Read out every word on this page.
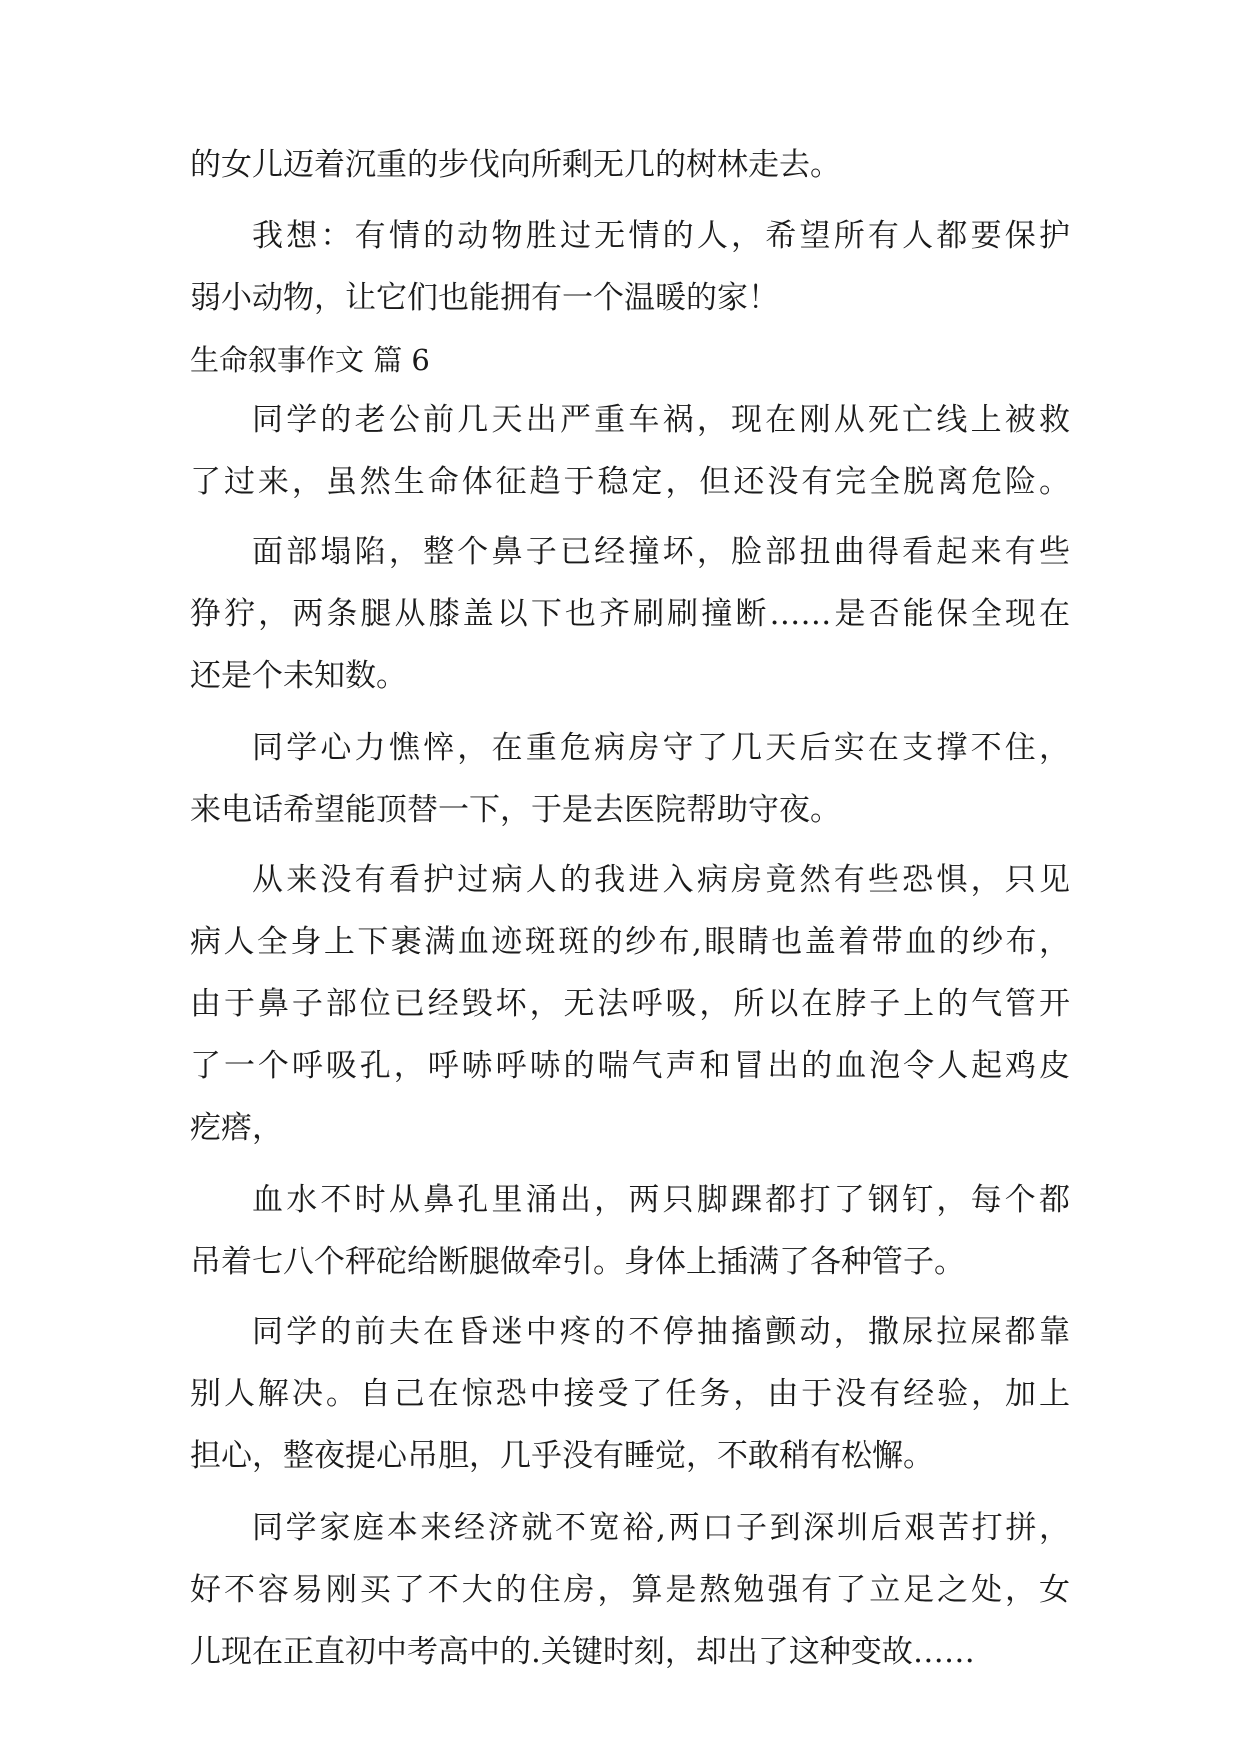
的女儿迈着沉重的步伐向所剩无几的树林走去。
我想：有情的动物胜过无情的人，希望所有人都要保护
弱小动物，让它们也能拥有一个温暖的家！
生命叙事作文 篇 6
同学的老公前几天出严重车祸，现在刚从死亡线上被救
了过来，虽然生命体征趋于稳定，但还没有完全脱离危险。
面部塌陷，整个鼻子已经撞坏，脸部扭曲得看起来有些
狰狞，两条腿从膝盖以下也齐刷刷撞断……是否能保全现在
还是个未知数。
同学心力憔悴，在重危病房守了几天后实在支撑不住，
来电话希望能顶替一下，于是去医院帮助守夜。
从来没有看护过病人的我进入病房竟然有些恐惧，只见
病人全身上下裹满血迹斑斑的纱布,眼睛也盖着带血的纱布，
由于鼻子部位已经毁坏，无法呼吸，所以在脖子上的气管开
了一个呼吸孔，呼哧呼哧的喘气声和冒出的血泡令人起鸡皮
疙瘩，
血水不时从鼻孔里涌出，两只脚踝都打了钢钉，每个都
吊着七八个秤砣给断腿做牵引。身体上插满了各种管子。
同学的前夫在昏迷中疼的不停抽搐颤动，撒尿拉屎都靠
别人解决。自己在惊恐中接受了任务，由于没有经验，加上
担心，整夜提心吊胆，几乎没有睡觉，不敢稍有松懈。
同学家庭本来经济就不宽裕,两口子到深圳后艰苦打拼，
好不容易刚买了不大的住房，算是熬勉强有了立足之处，女
儿现在正直初中考高中的.关键时刻，却出了这种变故……
